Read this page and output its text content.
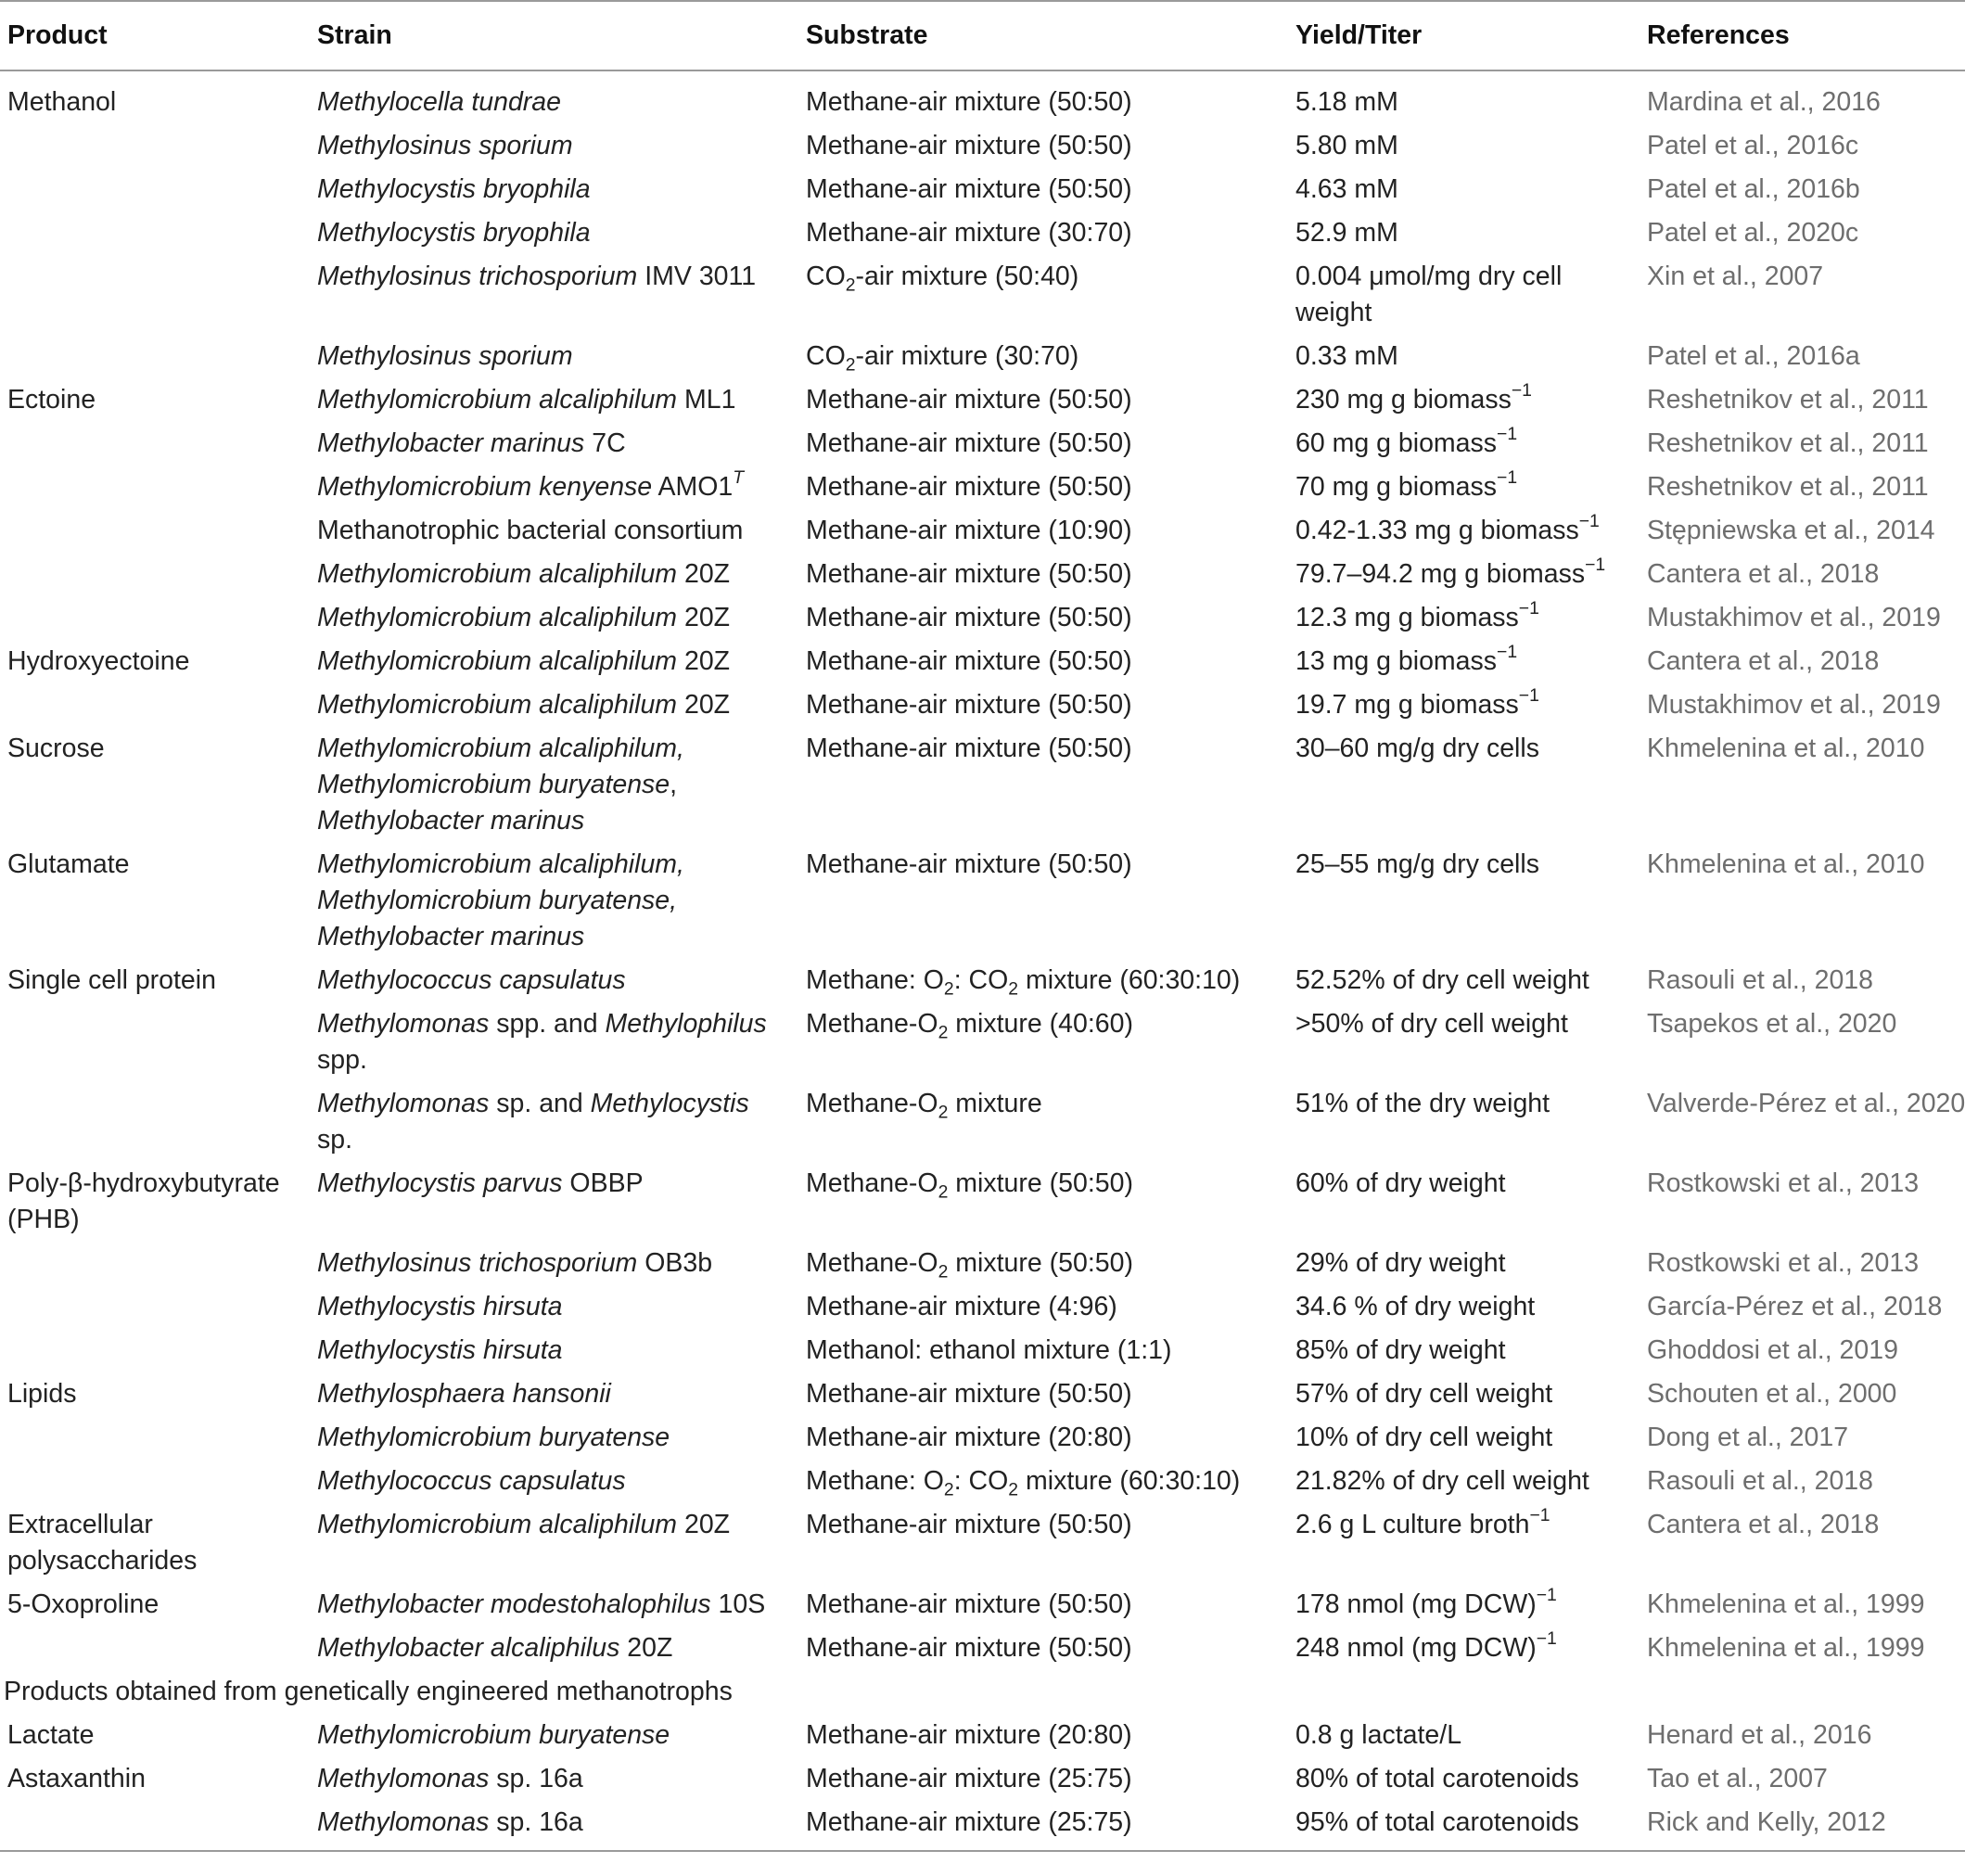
Product	Strain	Substrate	Yield/Titer	References
Methanol	Methylocella tundrae	Methane-air mixture (50:50)	5.18 mM	Mardina et al., 2016
	Methylosinus sporium	Methane-air mixture (50:50)	5.80 mM	Patel et al., 2016c
	Methylocystis bryophila	Methane-air mixture (50:50)	4.63 mM	Patel et al., 2016b
	Methylocystis bryophila	Methane-air mixture (30:70)	52.9 mM	Patel et al., 2020c
	Methylosinus trichosporium IMV 3011	$CO_2$-air mixture (50:40)	0.004 μmol/mg dry cell weight	Xin et al., 2007
	Methylosinus sporium	$CO_2$-air mixture (30:70)	0.33 mM	Patel et al., 2016a
Ectoine	Methylomicrobium alcaliphilum ML1	Methane-air mixture (50:50)	230 mg g biomass$^{-1}$	Reshetnikov et al., 2011
	Methylobacter marinus 7C	Methane-air mixture (50:50)	60 mg g biomass$^{-1}$	Reshetnikov et al., 2011
	Methylomicrobium kenyense $AMO1^T$	Methane-air mixture (50:50)	70 mg g biomass$^{-1}$	Reshetnikov et al., 2011
	Methanotrophic bacterial consortium	Methane-air mixture (10:90)	0.42-1.33 mg g biomass$^{-1}$	Stępniewska et al., 2014
	Methylomicrobium alcaliphilum 20Z	Methane-air mixture (50:50)	79.7–94.2 mg g biomass$^{-1}$	Cantera et al., 2018
	Methylomicrobium alcaliphilum 20Z	Methane-air mixture (50:50)	12.3 mg g biomass$^{-1}$	Mustakhimov et al., 2019
Hydroxyectoine	Methylomicrobium alcaliphilum 20Z	Methane-air mixture (50:50)	13 mg g biomass$^{-1}$	Cantera et al., 2018
	Methylomicrobium alcaliphilum 20Z	Methane-air mixture (50:50)	19.7 mg g biomass$^{-1}$	Mustakhimov et al., 2019
Sucrose	Methylomicrobium alcaliphilum,
Methylomicrobium buryatense,
Methylobacter marinus	Methane-air mixture (50:50)	30–60 mg/g dry cells	Khmelenina et al., 2010
Glutamate	Methylomicrobium alcaliphilum,
Methylomicrobium buryatense,
Methylobacter marinus	Methane-air mixture (50:50)	25–55 mg/g dry cells	Khmelenina et al., 2010
Single cell protein	Methylococcus capsulatus	Methane: $O_2$: $CO_2$ mixture (60:30:10)	52.52% of dry cell weight	Rasouli et al., 2018
	Methylomonas spp. and Methylophilus
spp.	Methane-$O_2$ mixture (40:60)	>50% of dry cell weight	Tsapekos et al., 2020
	Methylomonas sp. and Methylocystis
sp.	Methane-$O_2$ mixture	51% of the dry weight	Valverde-Pérez et al., 2020
Poly-β-hydroxybutyrate (PHB)	Methylocystis parvus OBBP	Methane-$O_2$ mixture (50:50)	60% of dry weight	Rostkowski et al., 2013
	Methylosinus trichosporium OB3b	Methane-$O_2$ mixture (50:50)	29% of dry weight	Rostkowski et al., 2013
	Methylocystis hirsuta	Methane-air mixture (4:96)	34.6 % of dry weight	García-Pérez et al., 2018
	Methylocystis hirsuta	Methanol: ethanol mixture (1:1)	85% of dry weight	Ghoddosi et al., 2019
Lipids	Methylosphaera hansonii	Methane-air mixture (50:50)	57% of dry cell weight	Schouten et al., 2000
	Methylomicrobium buryatense	Methane-air mixture (20:80)	10% of dry cell weight	Dong et al., 2017
	Methylococcus capsulatus	Methane: $O_2$: $CO_2$ mixture (60:30:10)	21.82% of dry cell weight	Rasouli et al., 2018
Extracellular polysaccharides	Methylomicrobium alcaliphilum 20Z	Methane-air mixture (50:50)	2.6 g L culture broth$^{-1}$	Cantera et al., 2018
5-Oxoproline	Methylobacter modestohalophilus 10S	Methane-air mixture (50:50)	178 nmol (mg DCW)$^{-1}$	Khmelenina et al., 1999
	Methylobacter alcaliphilus 20Z	Methane-air mixture (50:50)	248 nmol (mg DCW)$^{-1}$	Khmelenina et al., 1999
Products obtained from genetically engineered methanotrophs				
Lactate	Methylomicrobium buryatense	Methane-air mixture (20:80)	0.8 g lactate/L	Henard et al., 2016
Astaxanthin	Methylomonas sp. 16a	Methane-air mixture (25:75)	80% of total carotenoids	Tao et al., 2007
	Methylomonas sp. 16a	Methane-air mixture (25:75)	95% of total carotenoids	Rick and Kelly, 2012
